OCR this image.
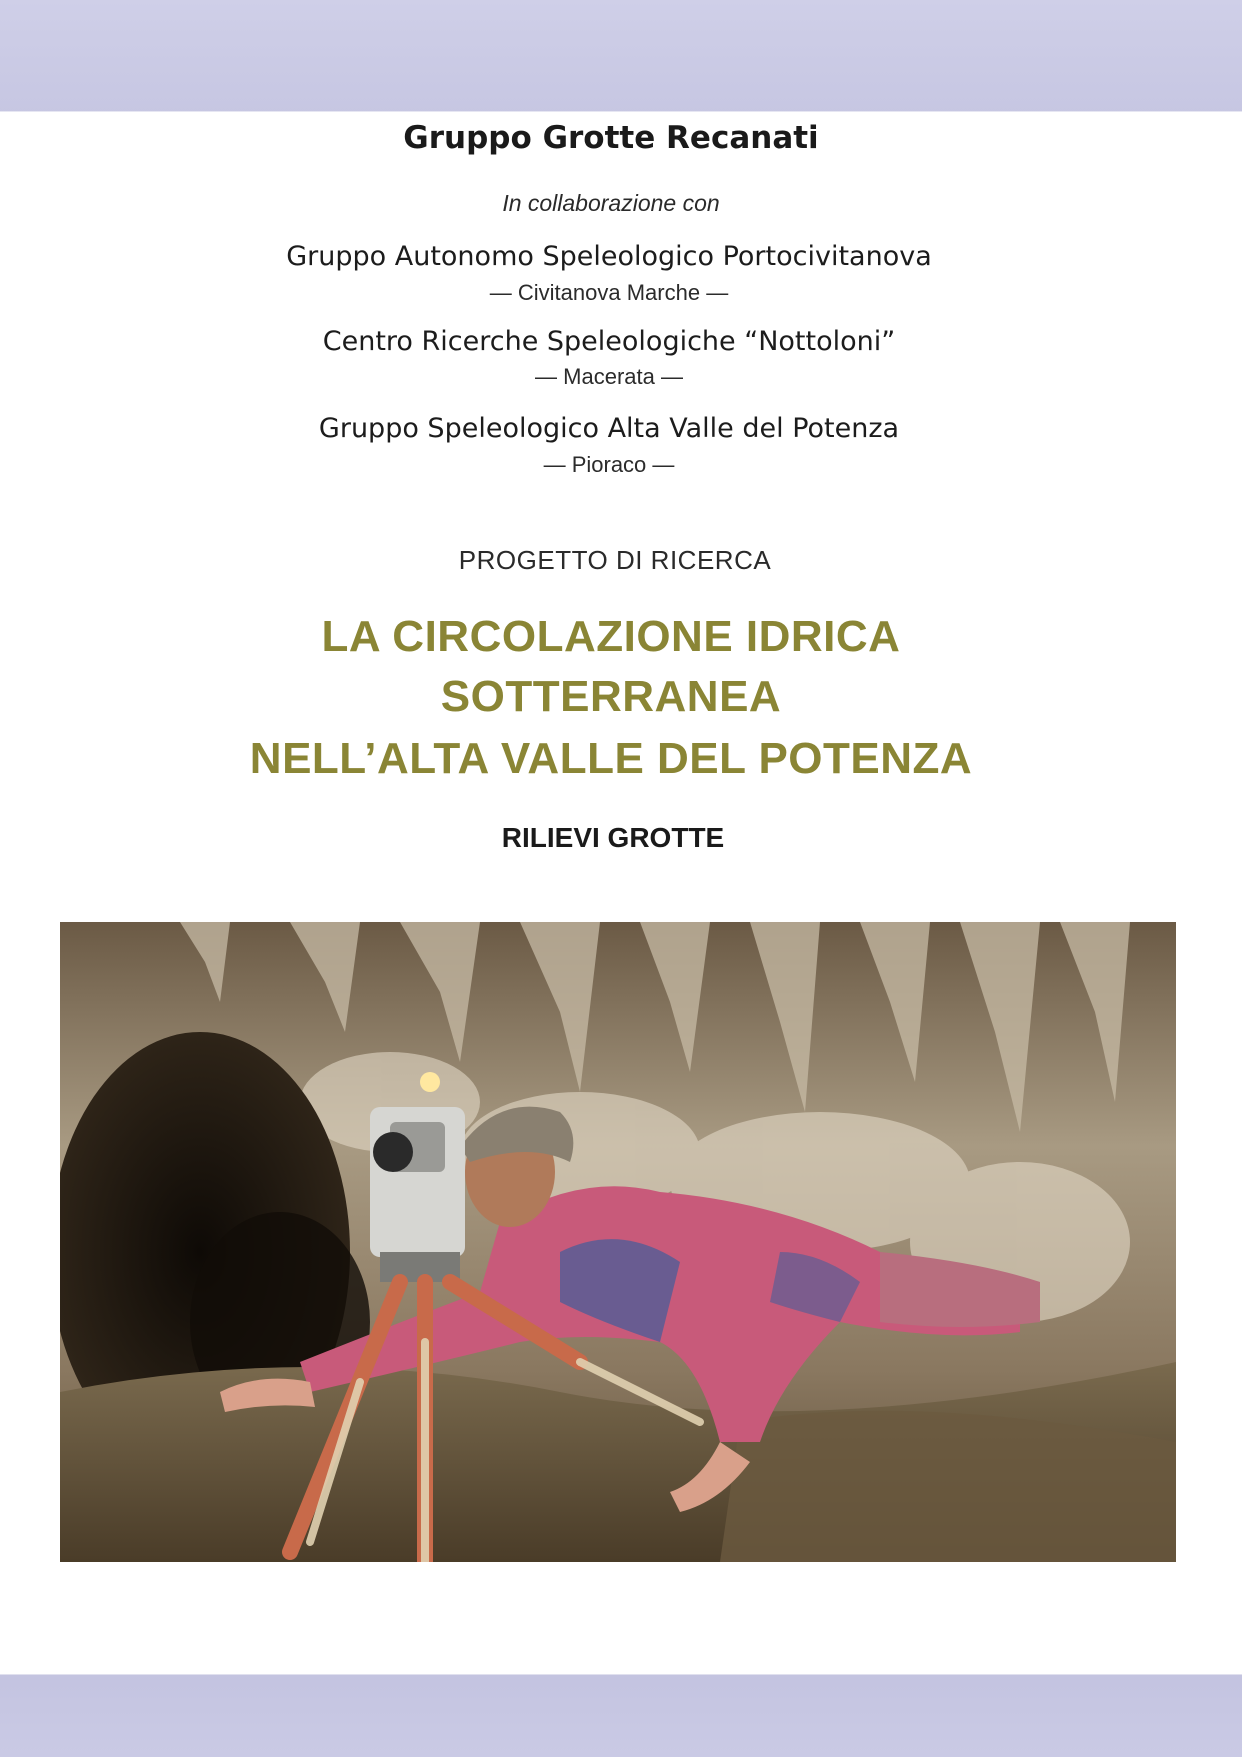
Gruppo Grotte Recanati
In collaborazione con
Gruppo Autonomo Speleologico Portocivitanova
— Civitanova Marche —
Centro Ricerche Speleologiche “Nottoloni”
— Macerata —
Gruppo Speleologico Alta Valle del Potenza
— Pioraco —
PROGETTO DI RICERCA
LA CIRCOLAZIONE IDRICA
SOTTERRANEA
NELL’ALTA VALLE DEL POTENZA
RILIEVI GROTTE
